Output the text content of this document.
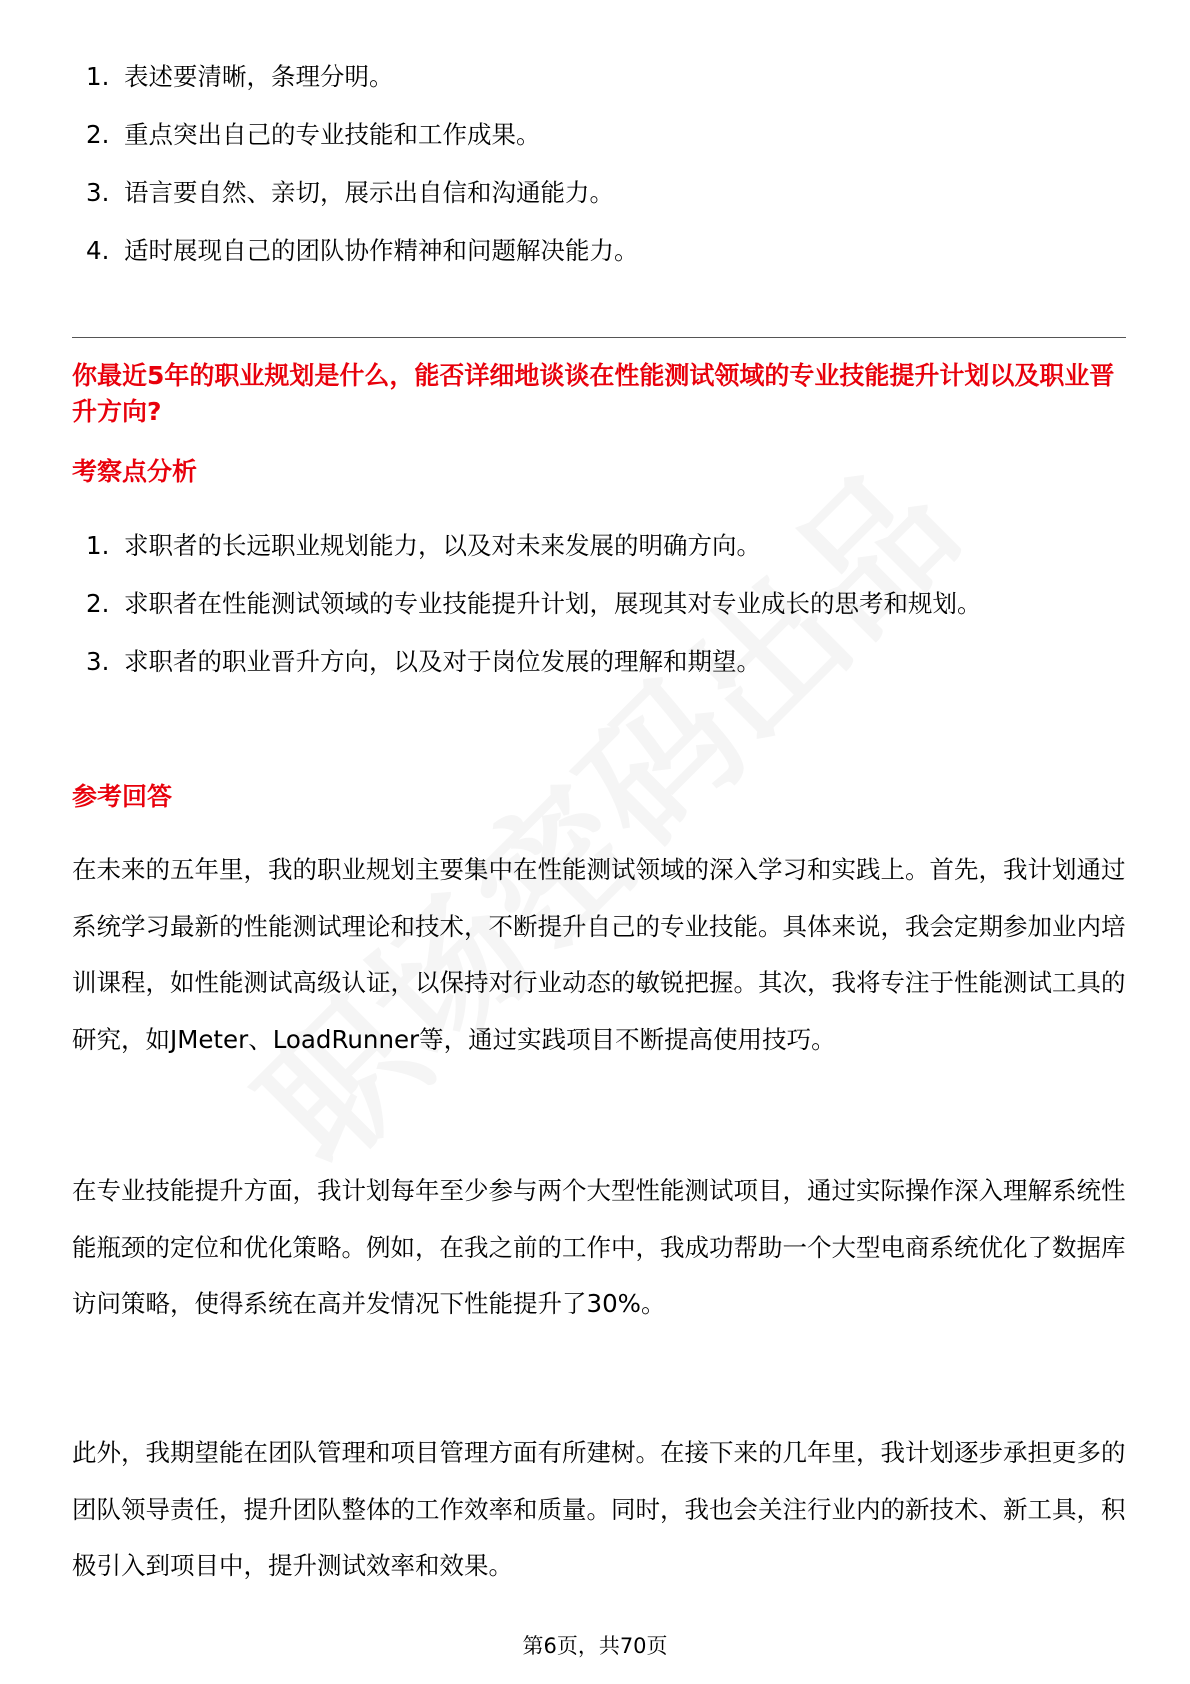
1. 表述要清晰，条理分明。
2. 重点突出自己的专业技能和工作成果。
3. 语言要自然、亲切，展示出自信和沟通能力。
4. 适时展现自己的团队协作精神和问题解决能力。
你最近5年的职业规划是什么，能否详细地谈谈在性能测试领域的专业技能提升计划以及职业晋升方向?
考察点分析
1. 求职者的长远职业规划能力，以及对未来发展的明确方向。
2. 求职者在性能测试领域的专业技能提升计划，展现其对专业成长的思考和规划。
3. 求职者的职业晋升方向，以及对于岗位发展的理解和期望。
参考回答

在未来的五年里，我的职业规划主要集中在性能测试领域的深入学习和实践上。首先，我计划通过系统学习最新的性能测试理论和技术，不断提升自己的专业技能。具体来说，我会定期参加业内培训课程，如性能测试高级认证，以保持对行业动态的敏锐把握。其次，我将专注于性能测试工具的研究，如JMeter、LoadRunner等，通过实践项目不断提高使用技巧。

在专业技能提升方面，我计划每年至少参与两个大型性能测试项目，通过实际操作深入理解系统性能瓶颈的定位和优化策略。例如，在我之前的工作中，我成功帮助一个大型电商系统优化了数据库访问策略，使得系统在高并发情况下性能提升了30%。

此外，我期望能在团队管理和项目管理方面有所建树。在接下来的几年里，我计划逐步承担更多的团队领导责任，提升团队整体的工作效率和质量。同时，我也会关注行业内的新技术、新工具，积极引入到项目中，提升测试效率和效果。

第6页，共70页
